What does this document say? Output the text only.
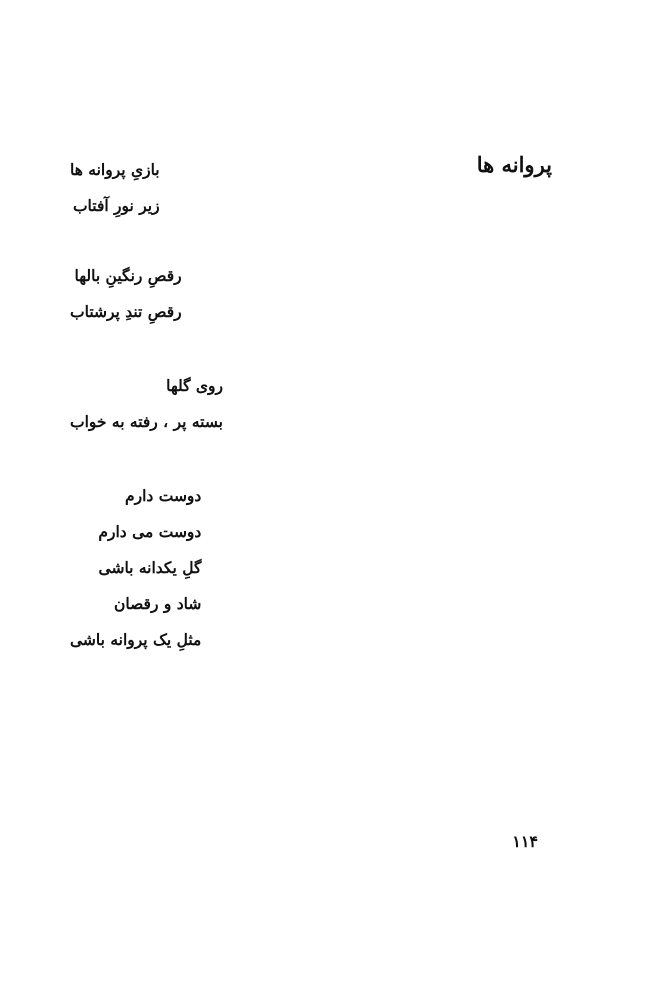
پروانه ها
بازیِ پروانه ها
زیر نورِ آفتاب
رقصِ رنگینِ بالها
رقصِ تندِ پرشتاب
روی گلها
بسته پر ، رفته به خواب
دوست دارم
دوست می دارم
گلِ یکدانه باشی
شاد و رقصان
مثلِ یک پروانه باشی
۱۱۴
